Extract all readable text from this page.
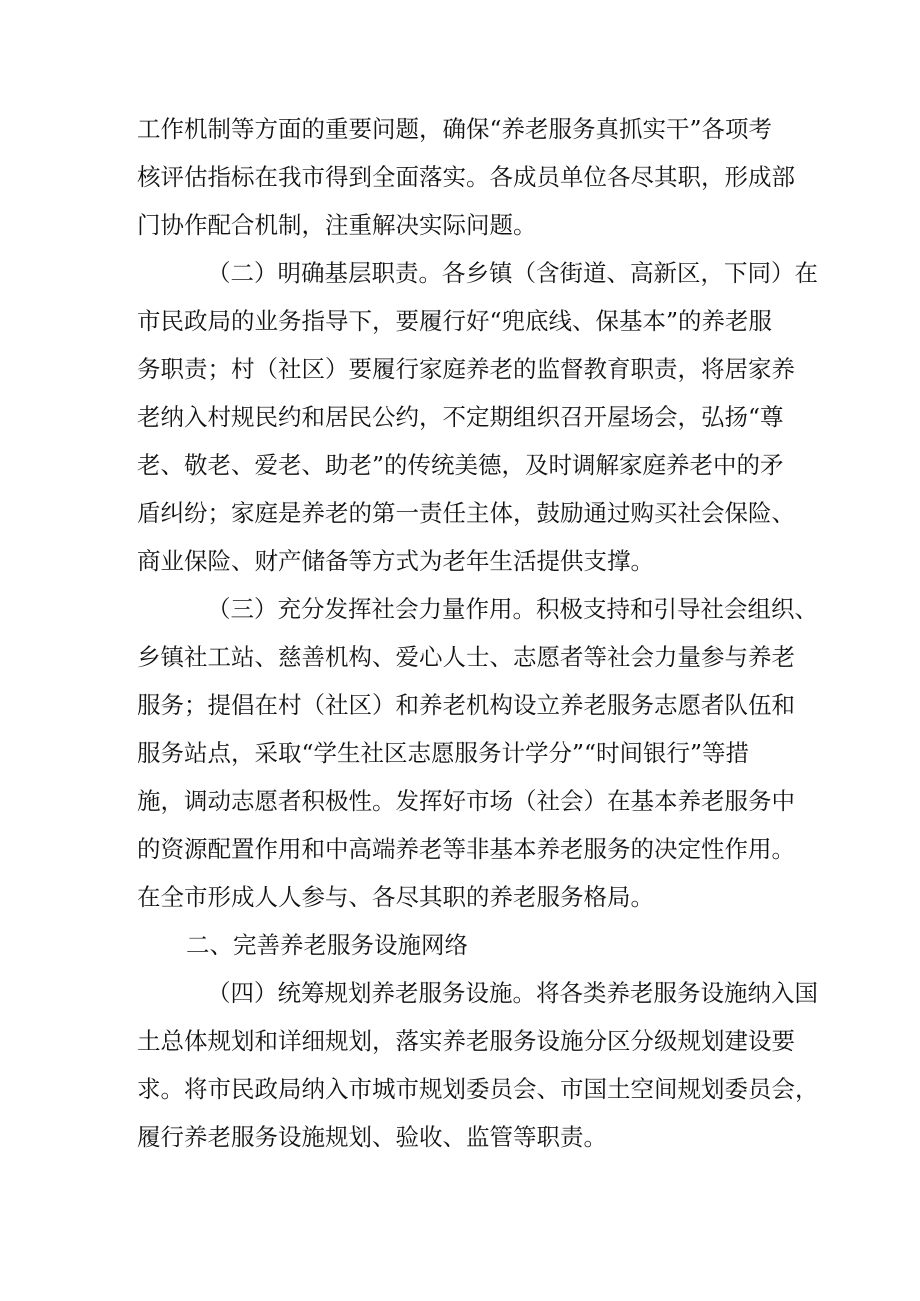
工作机制等方面的重要问题，确保“养老服务真抓实干”各项考

核评估指标在我市得到全面落实。各成员单位各尽其职，形成部

门协作配合机制，注重解决实际问题。

（二）明确基层职责。各乡镇（含街道、高新区，下同）在

市民政局的业务指导下，要履行好“兜底线、保基本”的养老服

务职责；村（社区）要履行家庭养老的监督教育职责，将居家养

老纳入村规民约和居民公约，不定期组织召开屋场会，弘扬“尊

老、敬老、爱老、助老”的传统美德，及时调解家庭养老中的矛

盾纠纷；家庭是养老的第一责任主体，鼓励通过购买社会保险、

商业保险、财产储备等方式为老年生活提供支撑。

（三）充分发挥社会力量作用。积极支持和引导社会组织、

乡镇社工站、慈善机构、爱心人士、志愿者等社会力量参与养老

服务；提倡在村（社区）和养老机构设立养老服务志愿者队伍和

服务站点，采取“学生社区志愿服务计学分”“时间银行”等措

施，调动志愿者积极性。发挥好市场（社会）在基本养老服务中

的资源配置作用和中高端养老等非基本养老服务的决定性作用。

在全市形成人人参与、各尽其职的养老服务格局。

二、完善养老服务设施网络

（四）统筹规划养老服务设施。将各类养老服务设施纳入国

土总体规划和详细规划，落实养老服务设施分区分级规划建设要

求。将市民政局纳入市城市规划委员会、市国土空间规划委员会，

履行养老服务设施规划、验收、监管等职责。
